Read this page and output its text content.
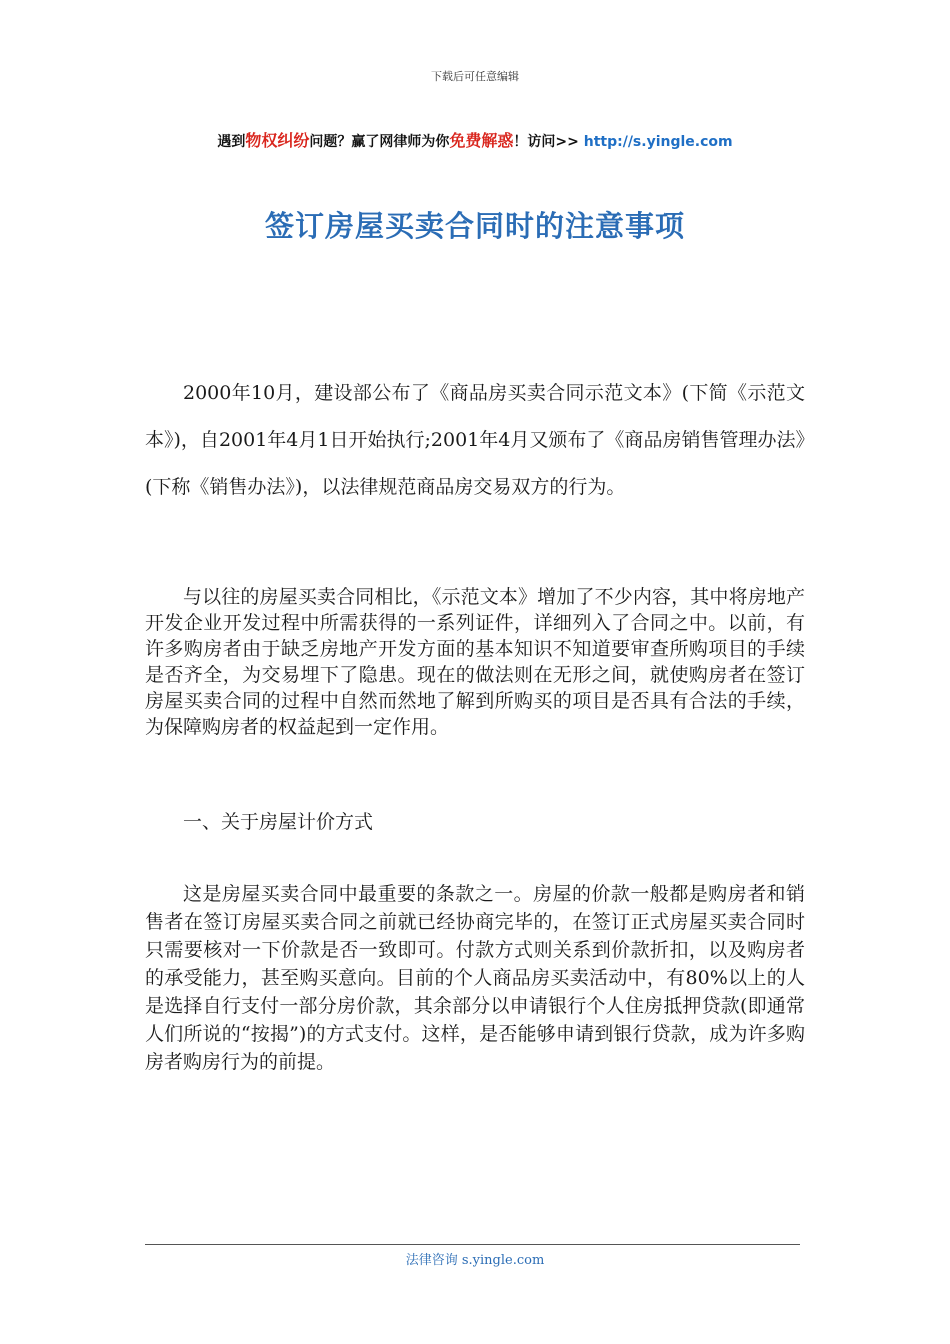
下载后可任意编辑
遇到物权纠纷问题？赢了网律师为你免费解惑！访问>> http://s.yingle.com
签订房屋买卖合同时的注意事项

2000年10月，建设部公布了《商品房买卖合同示范文本》(下简《示范文本》)，自2001年4月1日开始执行;2001年4月又颁布了《商品房销售管理办法》(下称《销售办法》)，以法律规范商品房交易双方的行为。

与以往的房屋买卖合同相比，《示范文本》增加了不少内容，其中将房地产开发企业开发过程中所需获得的一系列证件，详细列入了合同之中。以前，有许多购房者由于缺乏房地产开发方面的基本知识不知道要审查所购项目的手续是否齐全，为交易埋下了隐患。现在的做法则在无形之间，就使购房者在签订房屋买卖合同的过程中自然而然地了解到所购买的项目是否具有合法的手续，为保障购房者的权益起到一定作用。

一、关于房屋计价方式

这是房屋买卖合同中最重要的条款之一。房屋的价款一般都是购房者和销售者在签订房屋买卖合同之前就已经协商完毕的，在签订正式房屋买卖合同时只需要核对一下价款是否一致即可。付款方式则关系到价款折扣，以及购房者的承受能力，甚至购买意向。目前的个人商品房买卖活动中，有80%以上的人是选择自行支付一部分房价款，其余部分以申请银行个人住房抵押贷款(即通常人们所说的“按揭”)的方式支付。这样，是否能够申请到银行贷款，成为许多购房者购房行为的前提。

法律咨询 s.yingle.com
